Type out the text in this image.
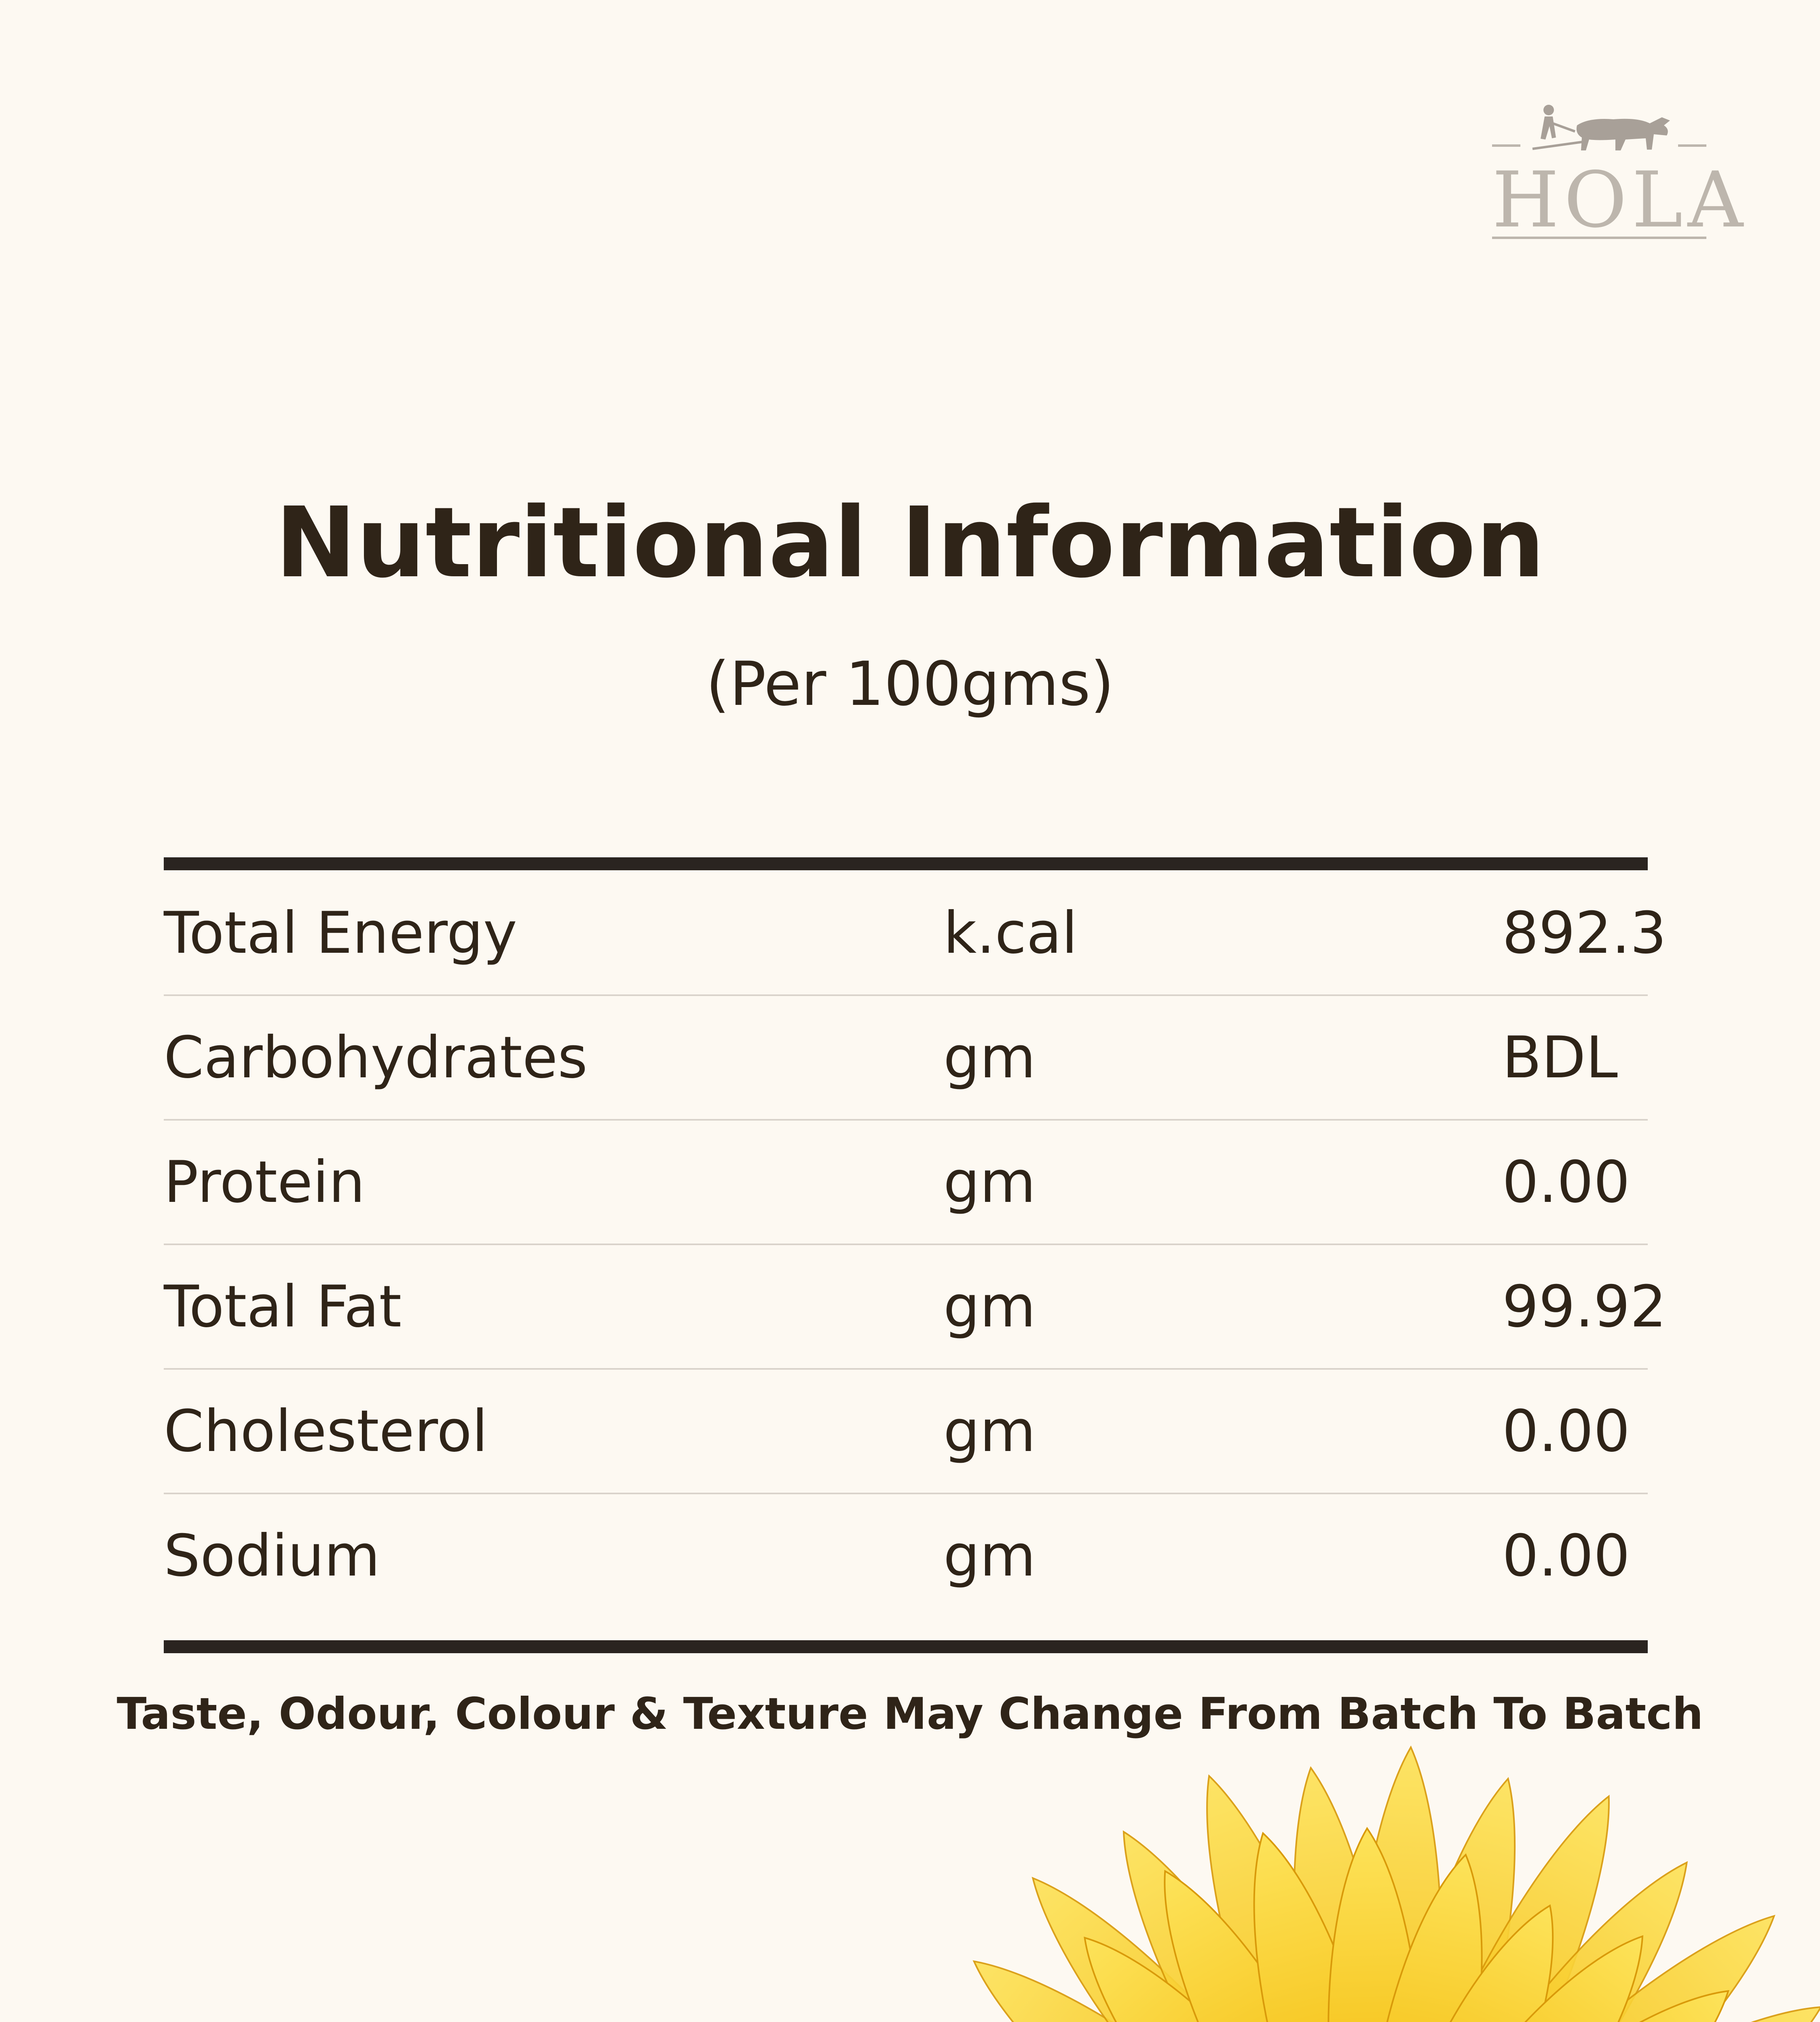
HOLA
Nutritional Information
(Per 100gms)
Total Energy	k.cal	892.3
Carbohydrates	gm	BDL
Protein	gm	0.00
Total Fat	gm	99.92
Cholesterol	gm	0.00
Sodium	gm	0.00
Taste, Odour, Colour & Texture May Change From Batch To Batch
